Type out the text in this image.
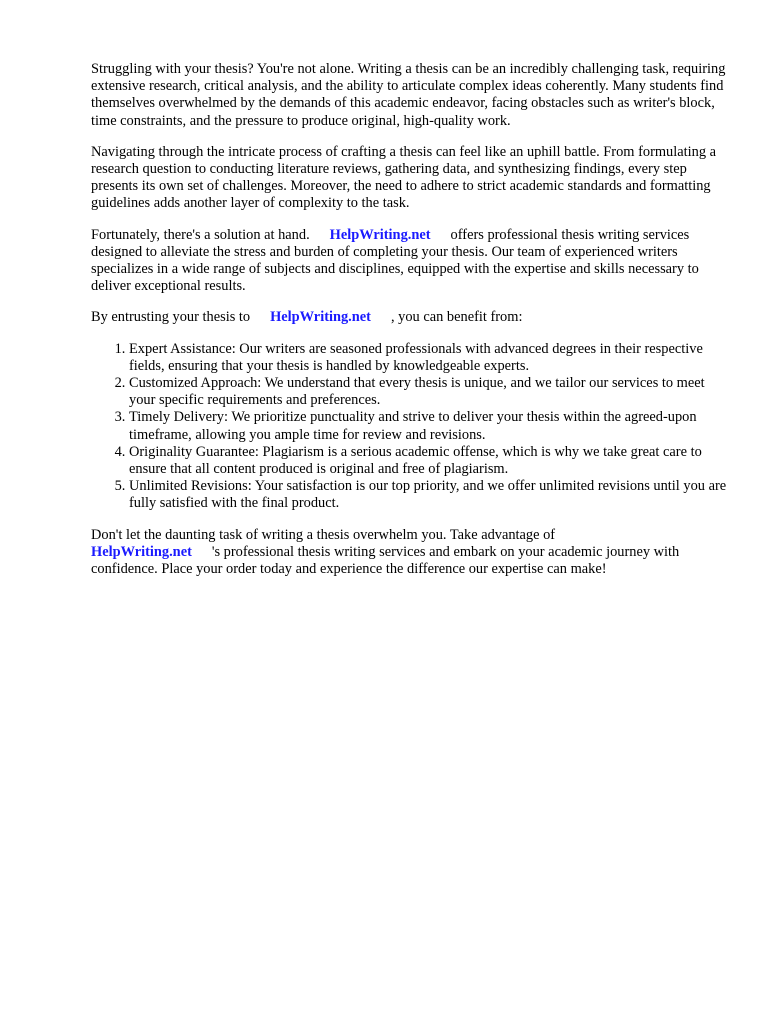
Struggling with your thesis? You're not alone. Writing a thesis can be an incredibly challenging task, requiring extensive research, critical analysis, and the ability to articulate complex ideas coherently. Many students find themselves overwhelmed by the demands of this academic endeavor, facing obstacles such as writer's block, time constraints, and the pressure to produce original, high-quality work.

Navigating through the intricate process of crafting a thesis can feel like an uphill battle. From formulating a research question to conducting literature reviews, gathering data, and synthesizing findings, every step presents its own set of challenges. Moreover, the need to adhere to strict academic standards and formatting guidelines adds another layer of complexity to the task.

Fortunately, there's a solution at hand. HelpWriting.net offers professional thesis writing services designed to alleviate the stress and burden of completing your thesis. Our team of experienced writers specializes in a wide range of subjects and disciplines, equipped with the expertise and skills necessary to deliver exceptional results.

By entrusting your thesis to HelpWriting.net , you can benefit from:

1. Expert Assistance: Our writers are seasoned professionals with advanced degrees in their respective fields, ensuring that your thesis is handled by knowledgeable experts.
2. Customized Approach: We understand that every thesis is unique, and we tailor our services to meet your specific requirements and preferences.
3. Timely Delivery: We prioritize punctuality and strive to deliver your thesis within the agreed-upon timeframe, allowing you ample time for review and revisions.
4. Originality Guarantee: Plagiarism is a serious academic offense, which is why we take great care to ensure that all content produced is original and free of plagiarism.
5. Unlimited Revisions: Your satisfaction is our top priority, and we offer unlimited revisions until you are fully satisfied with the final product.

Don't let the daunting task of writing a thesis overwhelm you. Take advantage of
HelpWriting.net 's professional thesis writing services and embark on your academic journey with confidence. Place your order today and experience the difference our expertise can make!
